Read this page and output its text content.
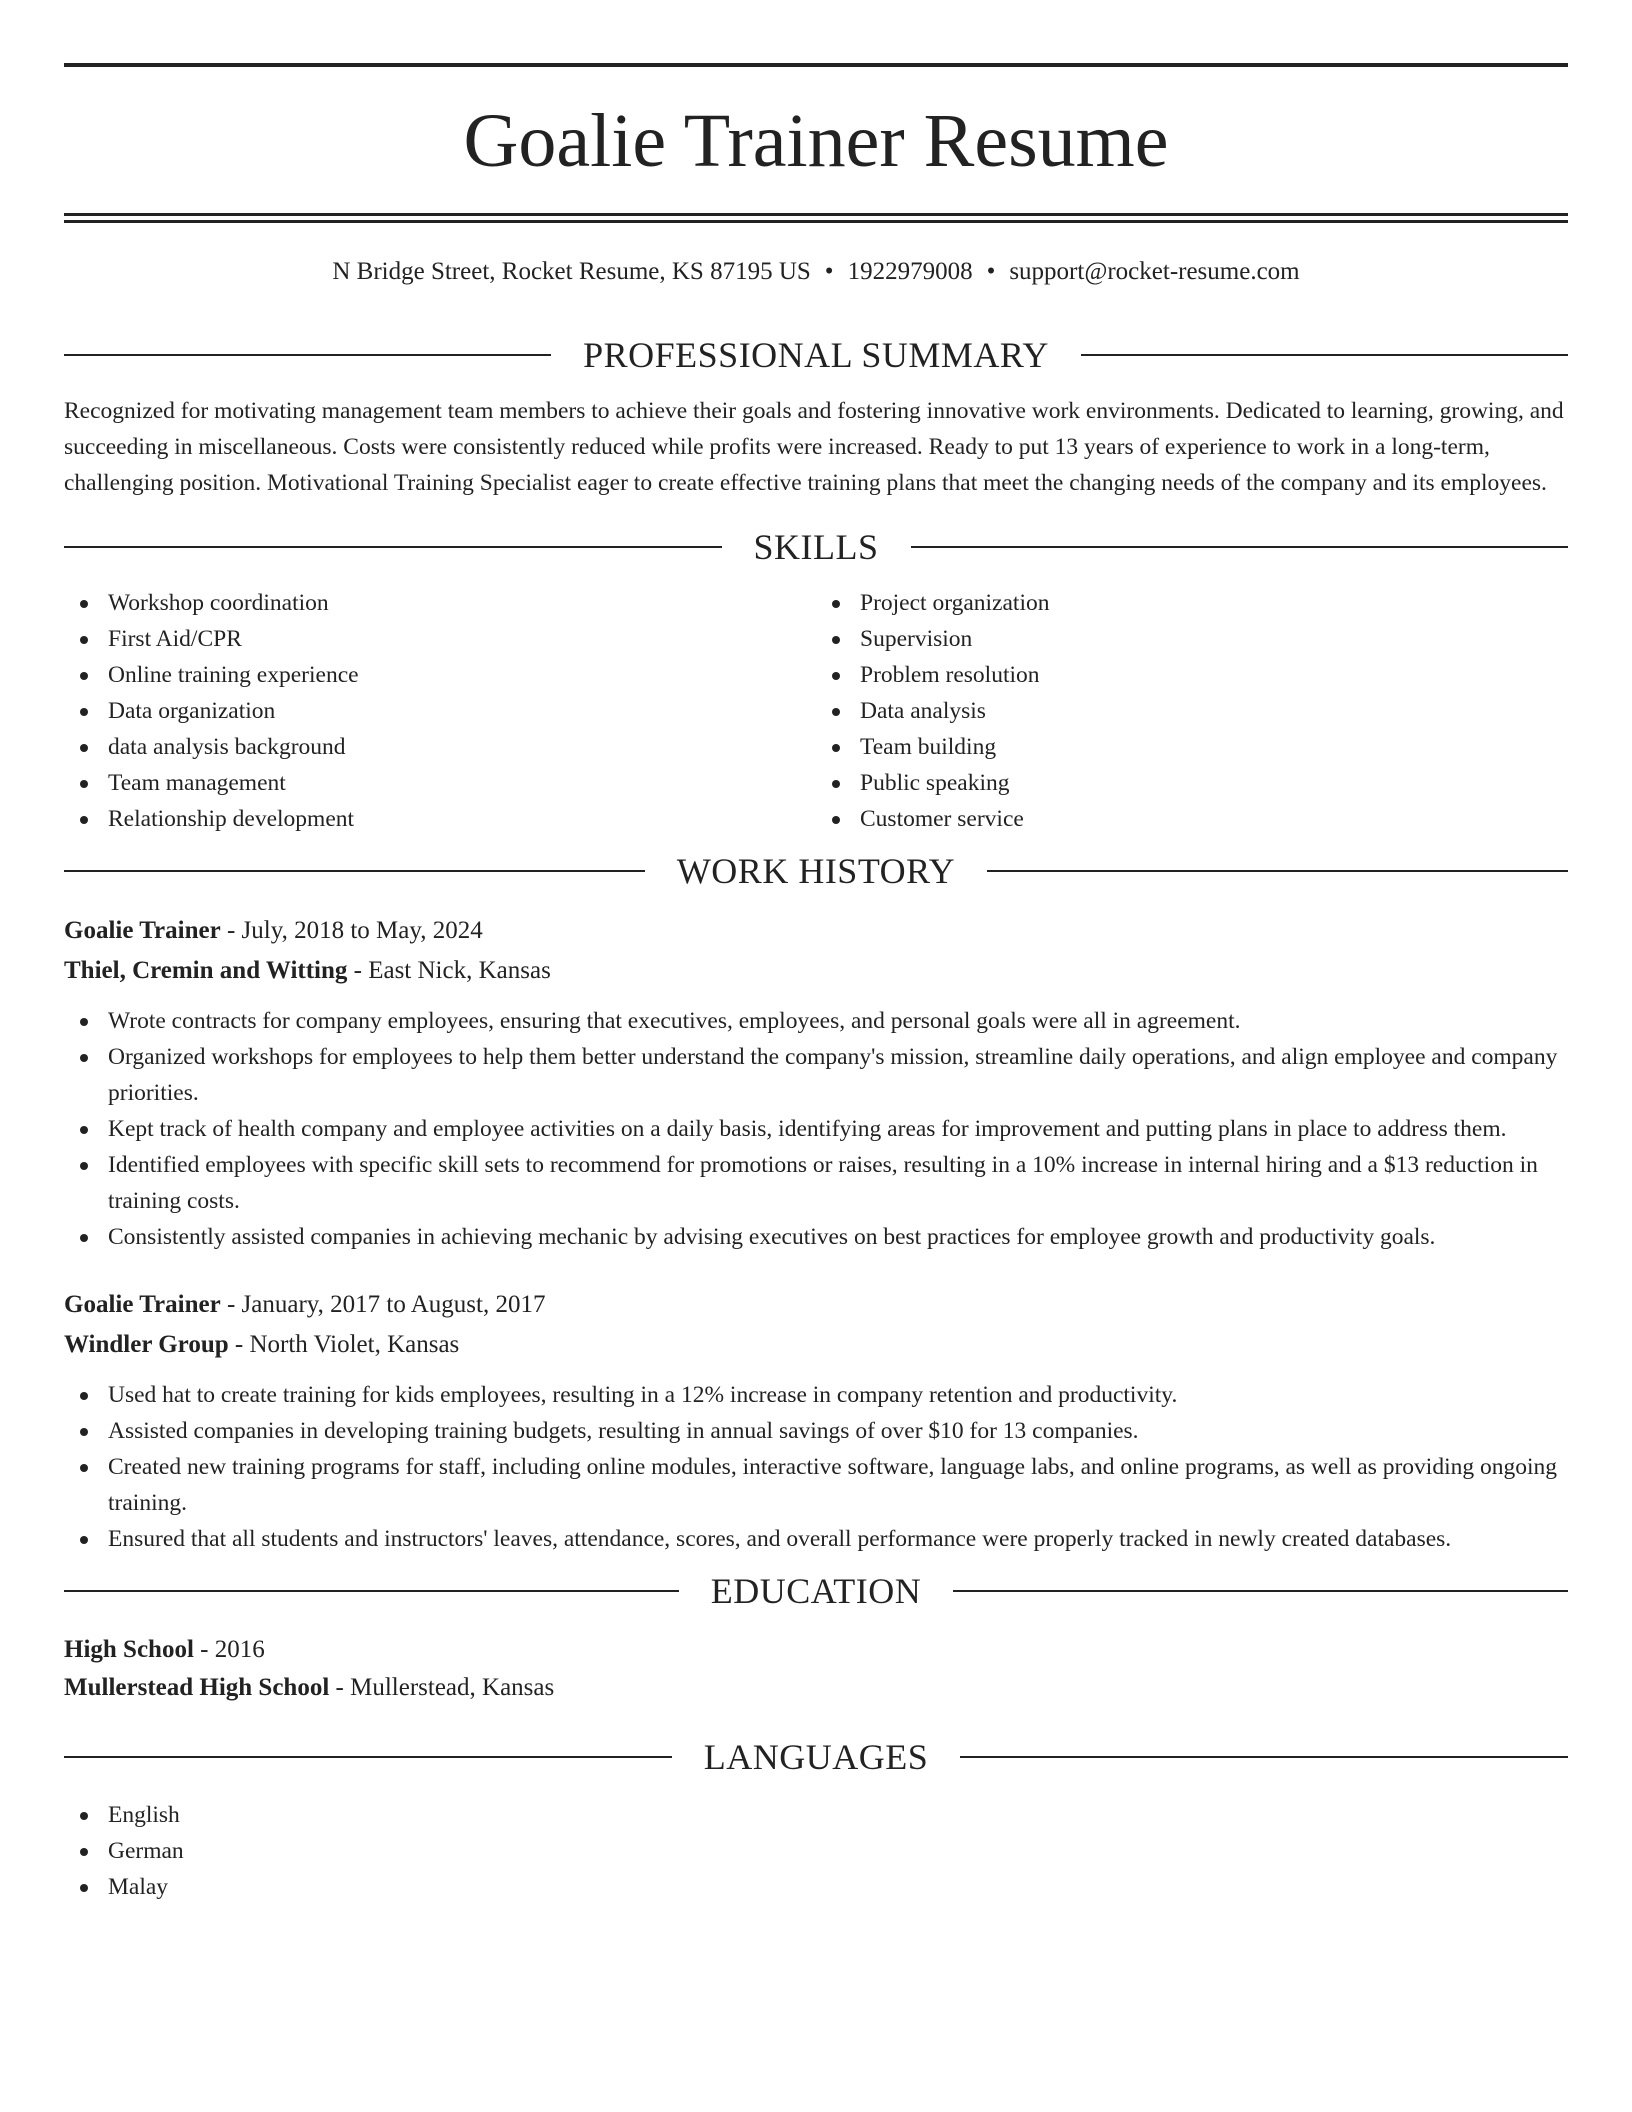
Goalie Trainer Resume
N Bridge Street, Rocket Resume, KS 87195 US • 1922979008 • support@rocket-resume.com
PROFESSIONAL SUMMARY

Recognized for motivating management team members to achieve their goals and fostering innovative work environments. Dedicated to learning, growing, and succeeding in miscellaneous. Costs were consistently reduced while profits were increased. Ready to put 13 years of experience to work in a long-term, challenging position. Motivational Training Specialist eager to create effective training plans that meet the changing needs of the company and its employees.

SKILLS
Workshop coordination
First Aid/CPR
Online training experience
Data organization
data analysis background
Team management
Relationship development
Project organization
Supervision
Problem resolution
Data analysis
Team building
Public speaking
Customer service
WORK HISTORY
Goalie Trainer - July, 2018 to May, 2024
Thiel, Cremin and Witting - East Nick, Kansas
Wrote contracts for company employees, ensuring that executives, employees, and personal goals were all in agreement.
Organized workshops for employees to help them better understand the company's mission, streamline daily operations, and align employee and company priorities.
Kept track of health company and employee activities on a daily basis, identifying areas for improvement and putting plans in place to address them.
Identified employees with specific skill sets to recommend for promotions or raises, resulting in a 10% increase in internal hiring and a $13 reduction in training costs.
Consistently assisted companies in achieving mechanic by advising executives on best practices for employee growth and productivity goals.
Goalie Trainer - January, 2017 to August, 2017
Windler Group - North Violet, Kansas
Used hat to create training for kids employees, resulting in a 12% increase in company retention and productivity.
Assisted companies in developing training budgets, resulting in annual savings of over $10 for 13 companies.
Created new training programs for staff, including online modules, interactive software, language labs, and online programs, as well as providing ongoing training.
Ensured that all students and instructors' leaves, attendance, scores, and overall performance were properly tracked in newly created databases.
EDUCATION
High School - 2016
Mullerstead High School - Mullerstead, Kansas
LANGUAGES
English
German
Malay
